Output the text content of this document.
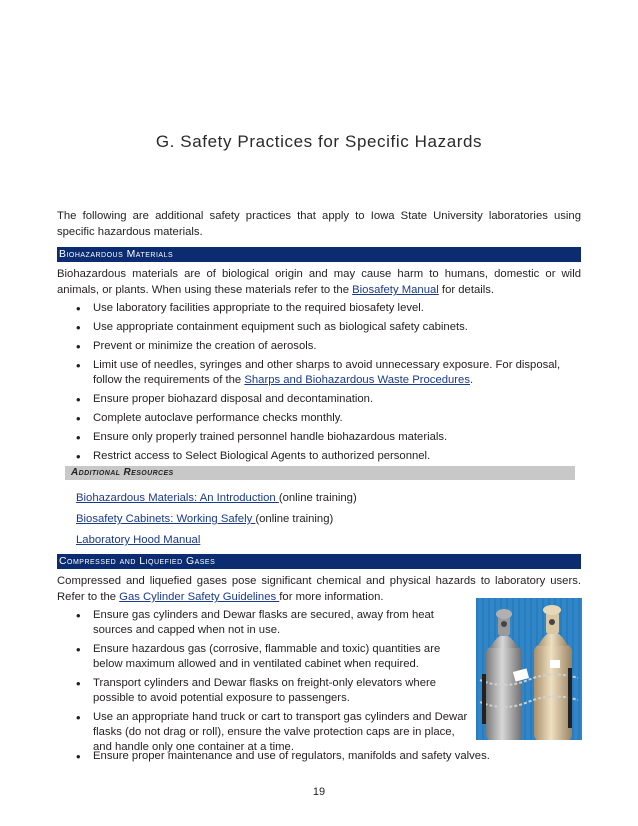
G. Safety Practices for Specific Hazards
The following are additional safety practices that apply to Iowa State University laboratories using specific hazardous materials.
Biohazardous Materials
Biohazardous materials are of biological origin and may cause harm to humans, domestic or wild animals, or plants. When using these materials refer to the Biosafety Manual for details.
• Use laboratory facilities appropriate to the required biosafety level.
• Use appropriate containment equipment such as biological safety cabinets.
• Prevent or minimize the creation of aerosols.
• Limit use of needles, syringes and other sharps to avoid unnecessary exposure. For disposal, follow the requirements of the Sharps and Biohazardous Waste Procedures.
• Ensure proper biohazard disposal and decontamination.
• Complete autoclave performance checks monthly.
• Ensure only properly trained personnel handle biohazardous materials.
• Restrict access to Select Biological Agents to authorized personnel.
Additional Resources
Biohazardous Materials: An Introduction (online training)
Biosafety Cabinets: Working Safely (online training)
Laboratory Hood Manual
Compressed and Liquefied Gases
Compressed and liquefied gases pose significant chemical and physical hazards to laboratory users. Refer to the Gas Cylinder Safety Guidelines for more information.
• Ensure gas cylinders and Dewar flasks are secured, away from heat sources and capped when not in use.
• Ensure hazardous gas (corrosive, flammable and toxic) quantities are below maximum allowed and in ventilated cabinet when required.
• Transport cylinders and Dewar flasks on freight-only elevators where possible to avoid potential exposure to passengers.
• Use an appropriate hand truck or cart to transport gas cylinders and Dewar flasks (do not drag or roll), ensure the valve protection caps are in place, and handle only one container at a time.
• Ensure proper maintenance and use of regulators, manifolds and safety valves.
19
